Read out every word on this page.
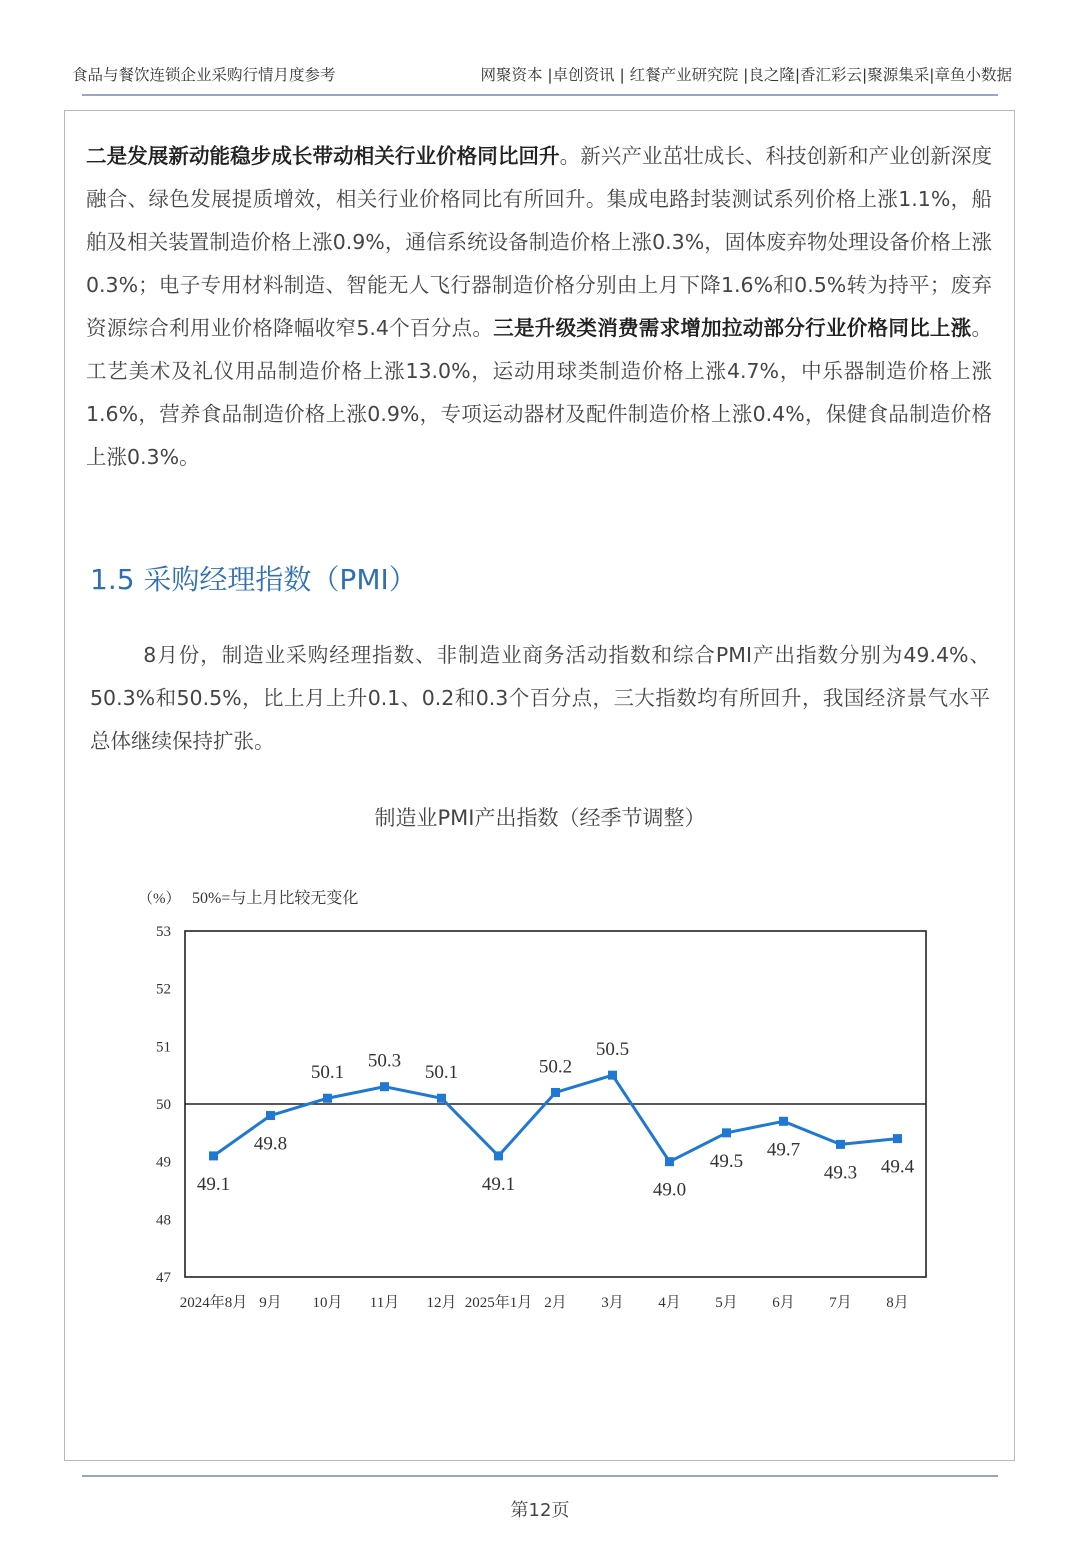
食品与餐饮连锁企业采购行情月度参考	网聚资本 |卓创资讯 | 红餐产业研究院 |良之隆|香汇彩云|聚源集采|章鱼小数据

二是发展新动能稳步成长带动相关行业价格同比回升。新兴产业茁壮成长、科技创新和产业创新深度融合、绿色发展提质增效，相关行业价格同比有所回升。集成电路封装测试系列价格上涨1.1%，船舶及相关装置制造价格上涨0.9%，通信系统设备制造价格上涨0.3%，固体废弃物处理设备价格上涨0.3%；电子专用材料制造、智能无人飞行器制造价格分别由上月下降1.6%和0.5%转为持平；废弃资源综合利用业价格降幅收窄5.4个百分点。三是升级类消费需求增加拉动部分行业价格同比上涨。工艺美术及礼仪用品制造价格上涨13.0%，运动用球类制造价格上涨4.7%，中乐器制造价格上涨1.6%，营养食品制造价格上涨0.9%，专项运动器材及配件制造价格上涨0.4%，保健食品制造价格上涨0.3%。

1.5 采购经理指数（PMI）

8月份，制造业采购经理指数、非制造业商务活动指数和综合PMI产出指数分别为49.4%、50.3%和50.5%，比上月上升0.1、0.2和0.3个百分点，三大指数均有所回升，我国经济景气水平总体继续保持扩张。

制造业PMI产出指数（经季节调整）
（%） 50%=与上月比较无变化
47
48
49
50
51
52
53
2024年8月 9月 10月 11月 12月 2025年1月 2月 3月 4月 5月 6月 7月 8月
49.1
49.8
50.1
50.3
50.1
49.1
50.2
50.5
49.0
49.5
49.7
49.3 49.4
第12页
